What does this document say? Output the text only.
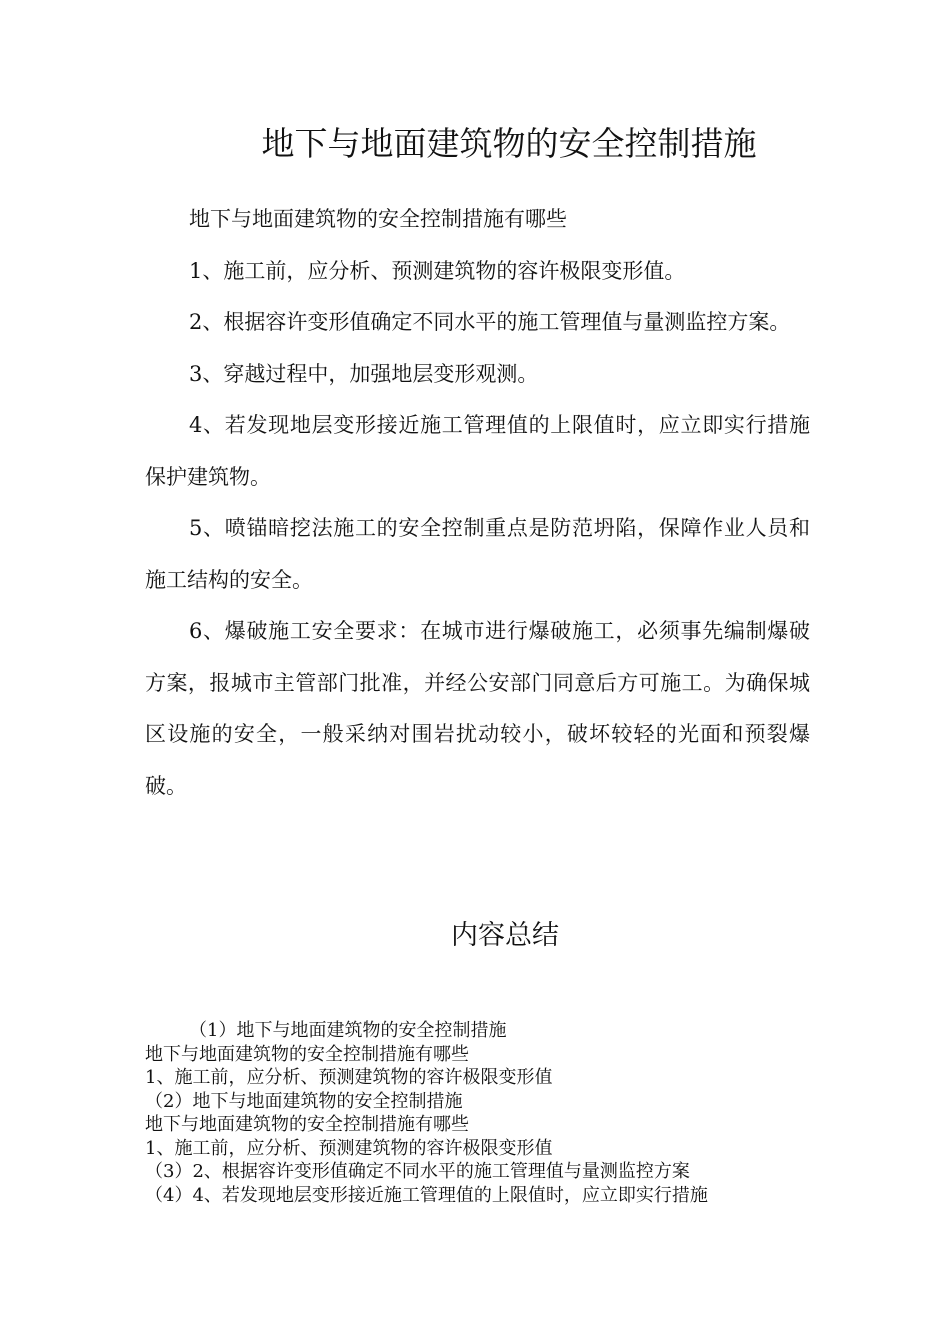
地下与地面建筑物的安全控制措施

地下与地面建筑物的安全控制措施有哪些

1、施工前，应分析、预测建筑物的容许极限变形值。

2、根据容许变形值确定不同水平的施工管理值与量测监控方案。

3、穿越过程中，加强地层变形观测。

4、若发现地层变形接近施工管理值的上限值时，应立即实行措施保护建筑物。

5、喷锚暗挖法施工的安全控制重点是防范坍陷，保障作业人员和施工结构的安全。

6、爆破施工安全要求：在城市进行爆破施工，必须事先编制爆破方案，报城市主管部门批准，并经公安部门同意后方可施工。为确保城区设施的安全，一般采纳对围岩扰动较小，破坏较轻的光面和预裂爆破。

内容总结

（1）地下与地面建筑物的安全控制措施

地下与地面建筑物的安全控制措施有哪些

1、施工前，应分析、预测建筑物的容许极限变形值

（2）地下与地面建筑物的安全控制措施

地下与地面建筑物的安全控制措施有哪些

1、施工前，应分析、预测建筑物的容许极限变形值

（3）2、根据容许变形值确定不同水平的施工管理值与量测监控方案

（4）4、若发现地层变形接近施工管理值的上限值时，应立即实行措施
